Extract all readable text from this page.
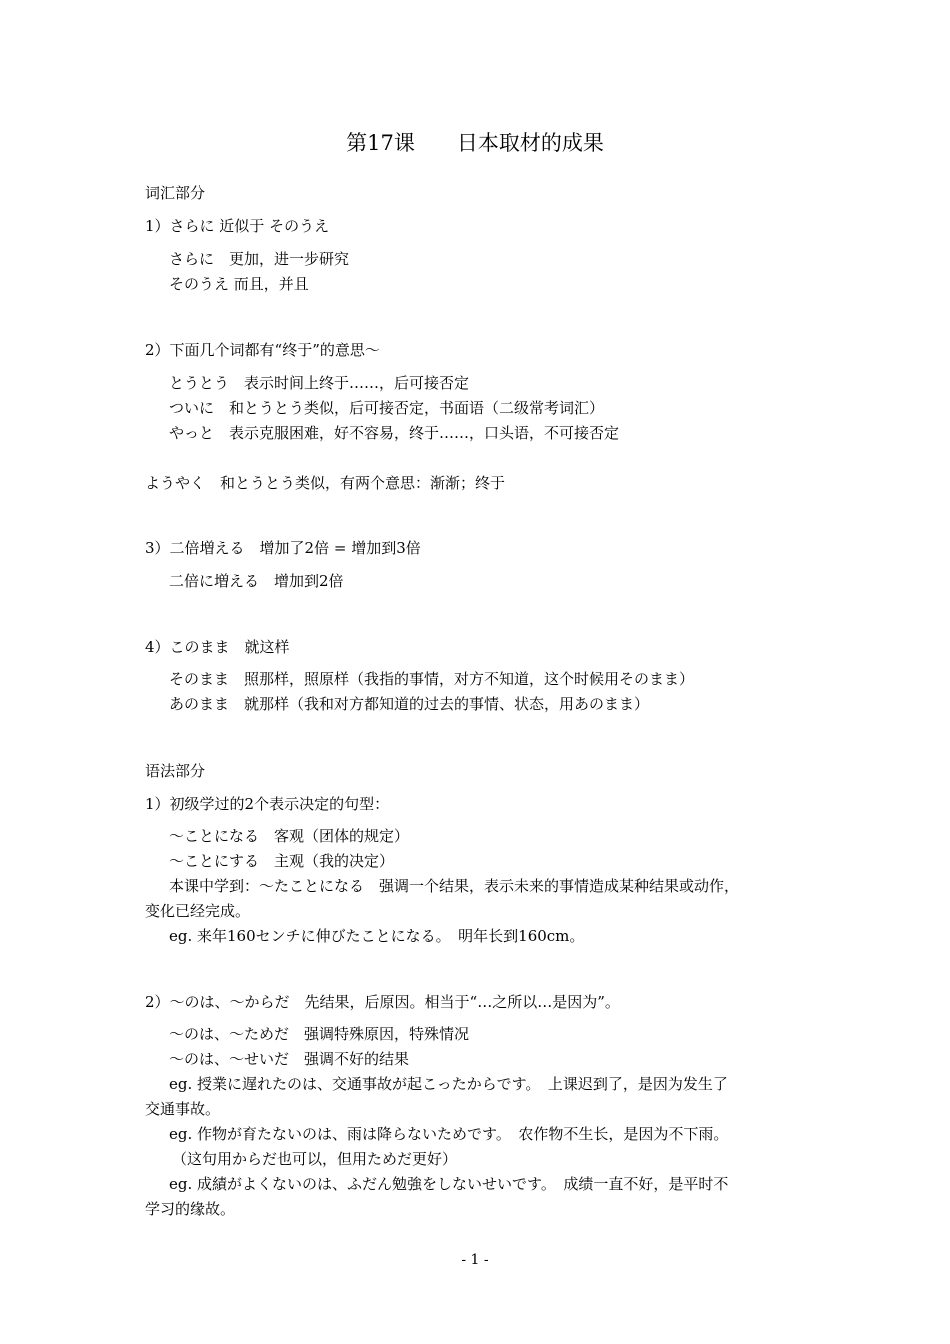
第17课　　日本取材的成果
词汇部分
1）さらに 近似于 そのうえ
さらに　更加，进一步研究
そのうえ 而且，并且
2）下面几个词都有“终于”的意思～
とうとう　表示时间上终于……，后可接否定
ついに　和とうとう类似，后可接否定，书面语（二级常考词汇）
やっと　表示克服困难，好不容易，终于……，口头语，不可接否定
ようやく　和とうとう类似，有两个意思：渐渐；终于
3）二倍増える　增加了2倍 = 增加到3倍
二倍に増える　增加到2倍
4）このまま　就这样
そのまま　照那样，照原样（我指的事情，对方不知道，这个时候用そのまま）
あのまま　就那样（我和对方都知道的过去的事情、状态，用あのまま）
语法部分
1）初级学过的2个表示决定的句型：
～ことになる　客观（团体的规定）
～ことにする　主观（我的决定）
本课中学到：～たことになる　强调一个结果，表示未来的事情造成某种结果或动作，
变化已经完成。
eg. 来年160センチに伸びたことになる。　明年长到160cm。
2）～のは、～からだ　先结果，后原因。相当于“…之所以…是因为”。
～のは、～ためだ　强调特殊原因，特殊情况
～のは、～せいだ　强调不好的结果
eg. 授業に遅れたのは、交通事故が起こったからです。　上课迟到了，是因为发生了
交通事故。
eg. 作物が育たないのは、雨は降らないためです。　农作物不生长，是因为不下雨。
（这句用からだ也可以，但用ためだ更好）
eg. 成績がよくないのは、ふだん勉強をしないせいです。　成绩一直不好，是平时不
学习的缘故。
- 1 -
